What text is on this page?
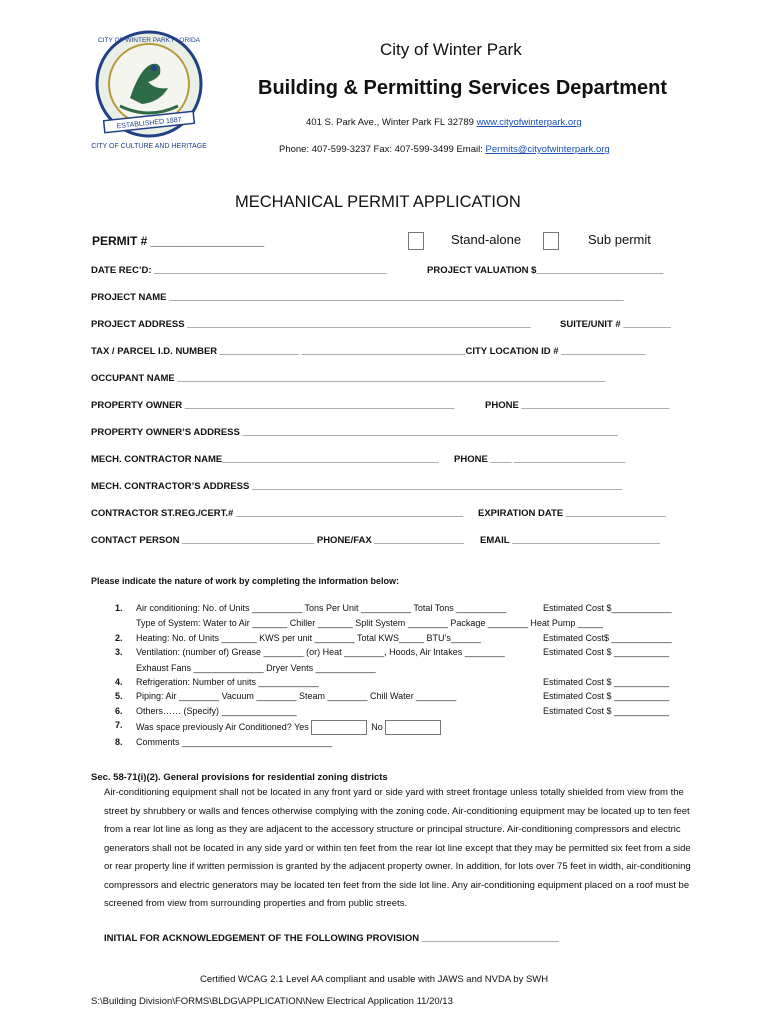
ESTABLISHED 1887
CITY OF WINTER PARK FLORIDA
CITY OF CULTURE AND HERITAGE
City of Winter Park
Building & Permitting Services Department
401 S. Park Ave., Winter Park FL 32789 www.cityofwinterpark.org
Phone: 407-599-3237 Fax: 407-599-3499 Email: Permits@cityofwinterpark.org
MECHANICAL PERMIT APPLICATION
PERMIT # _________________	Stand-alone	Sub permit
DATE REC’D: ____________________________________________	PROJECT VALUATION $________________________
PROJECT NAME ______________________________________________________________________________________
PROJECT ADDRESS _________________________________________________________________	SUITE/UNIT # _________
TAX / PARCEL I.D. NUMBER _______________ _______________________________CITY LOCATION ID # ________________
OCCUPANT NAME _________________________________________________________________________________
PROPERTY OWNER ___________________________________________________	PHONE ____________________________
PROPERTY OWNER’S ADDRESS _______________________________________________________________________
MECH. CONTRACTOR NAME_________________________________________ PHONE ____ _____________________
MECH. CONTRACTOR’S ADDRESS ______________________________________________________________________
CONTRACTOR ST.REG./CERT.# ___________________________________________ EXPIRATION DATE ___________________
CONTACT PERSON _________________________ PHONE/FAX _________________ EMAIL ____________________________
Please indicate the nature of work by completing the information below:
1. Air conditioning: No. of Units __________ Tons Per Unit __________ Total Tons __________	Estimated Cost $____________
Type of System: Water to Air _______ Chiller _______ Split System ________ Package ________ Heat Pump _____
2. Heating: No. of Units _______ KWS per unit ________ Total KWS_____ BTU’s______	Estimated Cost$ ____________
3. Ventilation: (number of) Grease ________ (or) Heat ________, Hoods, Air Intakes ________	Estimated Cost $ ___________
Exhaust Fans ______________ Dryer Vents ____________
4. Refrigeration: Number of units ____________	Estimated Cost $ ___________
5. Piping: Air ________ Vacuum ________ Steam ________ Chill Water ________	Estimated Cost $ ___________
6. Others…… (Specify) _______________	Estimated Cost $ ___________
7. Was space previously Air Conditioned? Yes	No
8. Comments ______________________________
Sec. 58-71(i)(2). General provisions for residential zoning districts
Air-conditioning equipment shall not be located in any front yard or side yard with street frontage unless totally shielded from view from the street by shrubbery or walls and fences otherwise complying with the zoning code. Air-conditioning equipment may be located up to ten feet from a rear lot line as long as they are adjacent to the accessory structure or principal structure. Air-conditioning compressors and electric generators shall not be located in any side yard or within ten feet from the rear lot line except that they may be permitted six feet from a side or rear property line if written permission is granted by the adjacent property owner. In addition, for lots over 75 feet in width, air-conditioning compressors and electric generators may be located ten feet from the side lot line. Any air-conditioning equipment placed on a roof must be screened from view from surrounding properties and from public streets.
INITIAL FOR ACKNOWLEDGEMENT OF THE FOLLOWING PROVISION __________________________
Certified WCAG 2.1 Level AA compliant and usable with JAWS and NVDA by SWH
S:\Building Division\FORMS\BLDG\APPLICATION\New Electrical Application 11/20/13
